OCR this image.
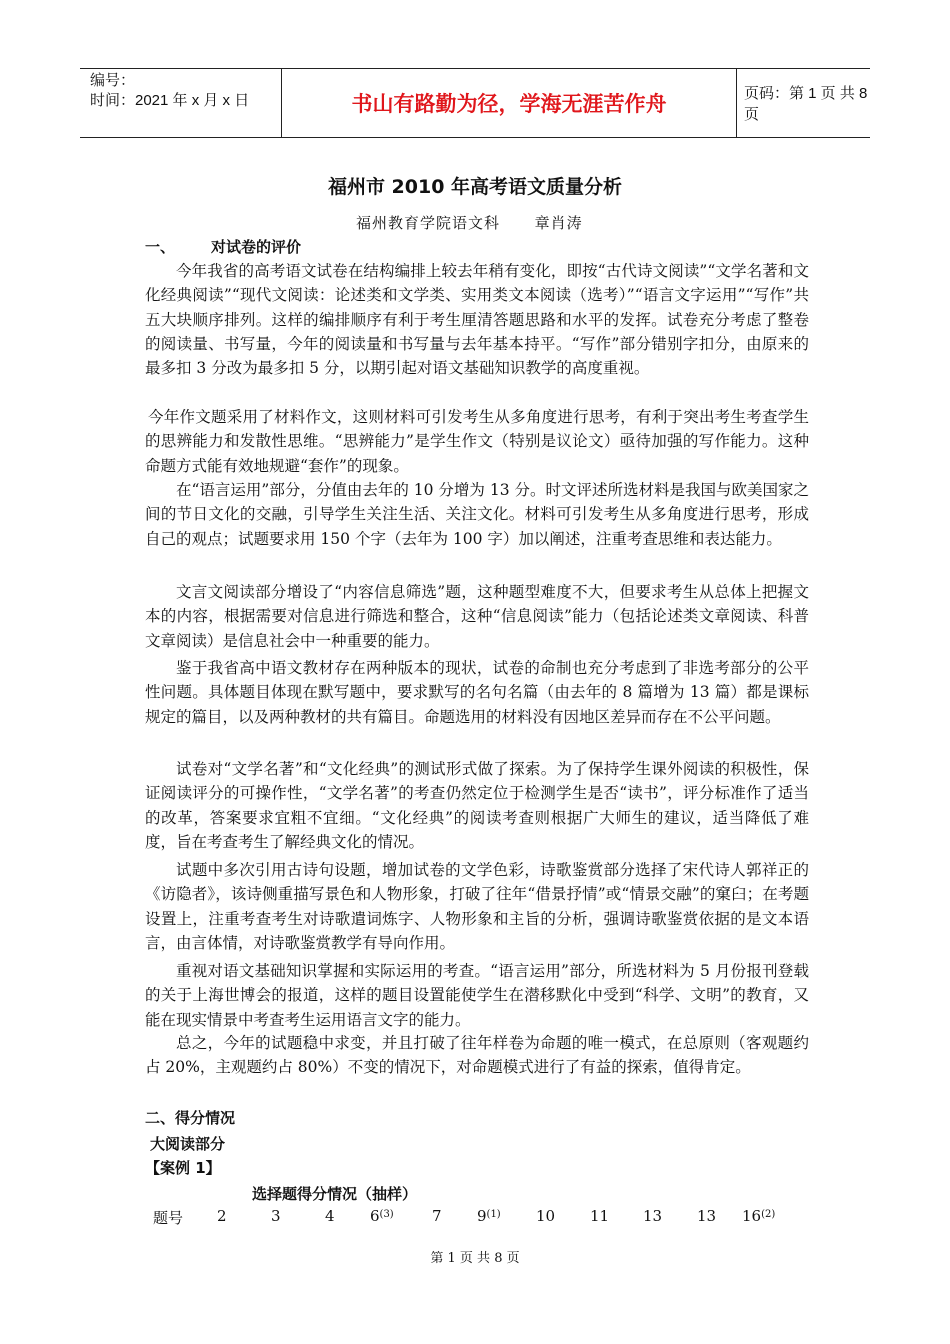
编号：
时间：2021 年 x 月 x 日	书山有路勤为径，学海无涯苦作舟	页码：第 1 页 共 8 页
福州市 2010 年高考语文质量分析
福州教育学院语文科      章肖涛
一、 对试卷的评价

今年我省的高考语文试卷在结构编排上较去年稍有变化，即按“古代诗文阅读”“文学名著和文化经典阅读”“现代文阅读：论述类和文学类、实用类文本阅读（选考）”“语言文字运用”“写作”共五大块顺序排列。这样的编排顺序有利于考生厘清答题思路和水平的发挥。试卷充分考虑了整卷的阅读量、书写量，今年的阅读量和书写量与去年基本持平。“写作”部分错别字扣分，由原来的最多扣 3 分改为最多扣 5 分，以期引起对语文基础知识教学的高度重视。

今年作文题采用了材料作文，这则材料可引发考生从多角度进行思考，有利于突出考生考查学生的思辨能力和发散性思维。“思辨能力”是学生作文（特别是议论文）亟待加强的写作能力。这种命题方式能有效地规避“套作”的现象。

在“语言运用”部分，分值由去年的 10 分增为 13 分。时文评述所选材料是我国与欧美国家之间的节日文化的交融，引导学生关注生活、关注文化。材料可引发考生从多角度进行思考，形成自己的观点；试题要求用 150 个字（去年为 100 字）加以阐述，注重考查思维和表达能力。

文言文阅读部分增设了“内容信息筛选”题，这种题型难度不大，但要求考生从总体上把握文本的内容，根据需要对信息进行筛选和整合，这种“信息阅读”能力（包括论述类文章阅读、科普文章阅读）是信息社会中一种重要的能力。

鉴于我省高中语文教材存在两种版本的现状，试卷的命制也充分考虑到了非选考部分的公平性问题。具体题目体现在默写题中，要求默写的名句名篇（由去年的 8 篇增为 13 篇）都是课标规定的篇目，以及两种教材的共有篇目。命题选用的材料没有因地区差异而存在不公平问题。

试卷对“文学名著”和“文化经典”的测试形式做了探索。为了保持学生课外阅读的积极性，保证阅读评分的可操作性，“文学名著”的考查仍然定位于检测学生是否“读书”，评分标准作了适当的改革，答案要求宜粗不宜细。“文化经典”的阅读考查则根据广大师生的建议，适当降低了难度，旨在考查考生了解经典文化的情况。

试题中多次引用古诗句设题，增加试卷的文学色彩，诗歌鉴赏部分选择了宋代诗人郭祥正的《访隐者》，该诗侧重描写景色和人物形象，打破了往年“借景抒情”或“情景交融”的窠臼；在考题设置上，注重考查考生对诗歌遣词炼字、人物形象和主旨的分析，强调诗歌鉴赏依据的是文本语言，由言体情，对诗歌鉴赏教学有导向作用。

重视对语文基础知识掌握和实际运用的考查。“语言运用”部分，所选材料为 5 月份报刊登载的关于上海世博会的报道，这样的题目设置能使学生在潜移默化中受到“科学、文明”的教育，又能在现实情景中考查考生运用语言文字的能力。

总之，今年的试题稳中求变，并且打破了往年样卷为命题的唯一模式，在总原则（客观题约占 20%，主观题约占 80%）不变的情况下，对命题模式进行了有益的探索，值得肯定。

二、得分情况
大阅读部分
【案例 1】
选择题得分情况（抽样）
题号 2	3	4 6$^{(3)}$	7 9$^{(1)}$ 10 11 13 13 16$^{(2)}$
第 1 页 共 8 页
